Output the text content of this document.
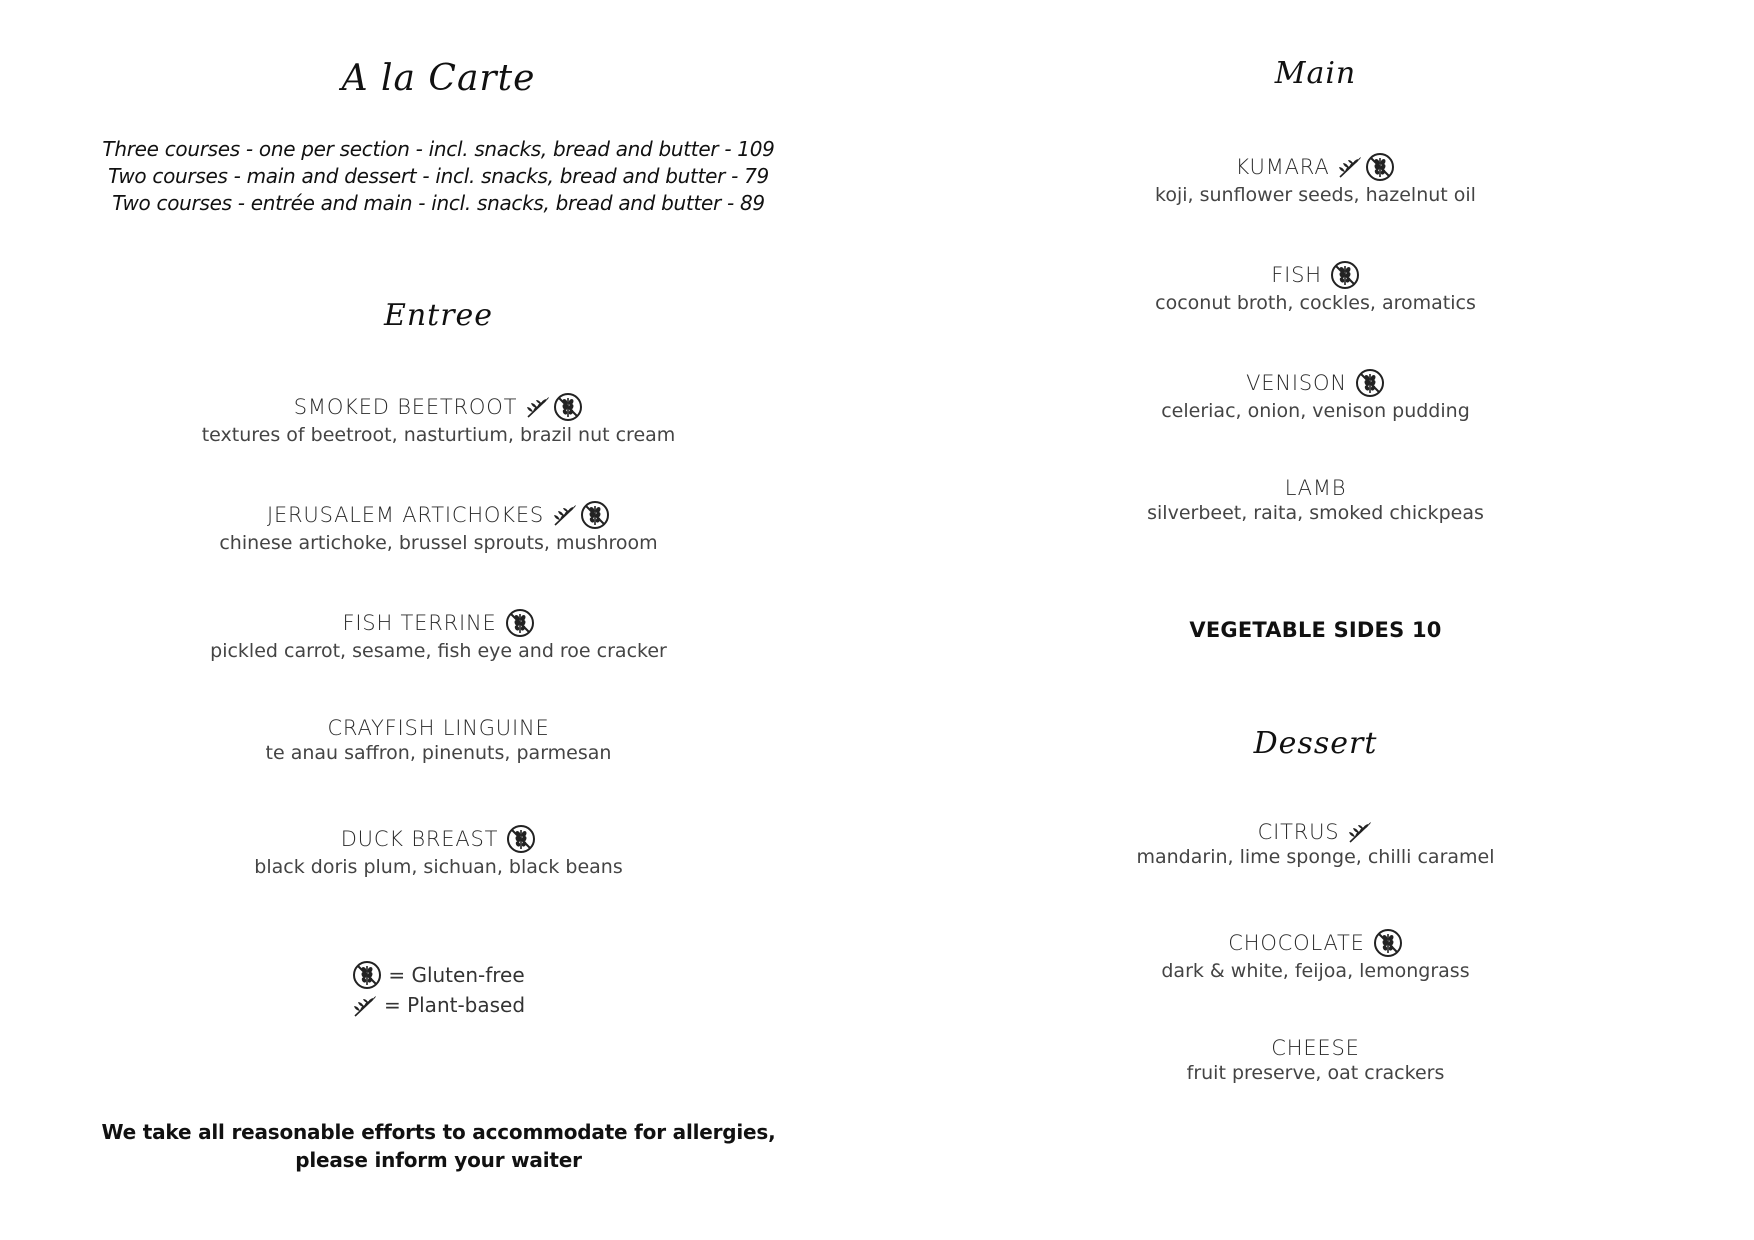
A la Carte
Three courses - one per section - incl. snacks, bread and butter - 109
Two courses - main and dessert - incl. snacks, bread and butter - 79
Two courses - entrée and main - incl. snacks, bread and butter - 89
Entree
SMOKED BEETROOT
textures of beetroot, nasturtium, brazil nut cream
JERUSALEM ARTICHOKES
chinese artichoke, brussel sprouts, mushroom
FISH TERRINE
pickled carrot, sesame, fish eye and roe cracker
CRAYFISH LINGUINE
te anau saffron, pinenuts, parmesan
DUCK BREAST
black doris plum, sichuan, black beans
= Gluten-free

= Plant-based
We take all reasonable efforts to accommodate for allergies,
please inform your waiter
Main
KUMARA
koji, sunflower seeds, hazelnut oil
FISH
coconut broth, cockles, aromatics
VENISON
celeriac, onion, venison pudding
LAMB
silverbeet, raita, smoked chickpeas
VEGETABLE SIDES 10
Dessert
CITRUS
mandarin, lime sponge, chilli caramel
CHOCOLATE
dark & white, feijoa, lemongrass
CHEESE
fruit preserve, oat crackers
